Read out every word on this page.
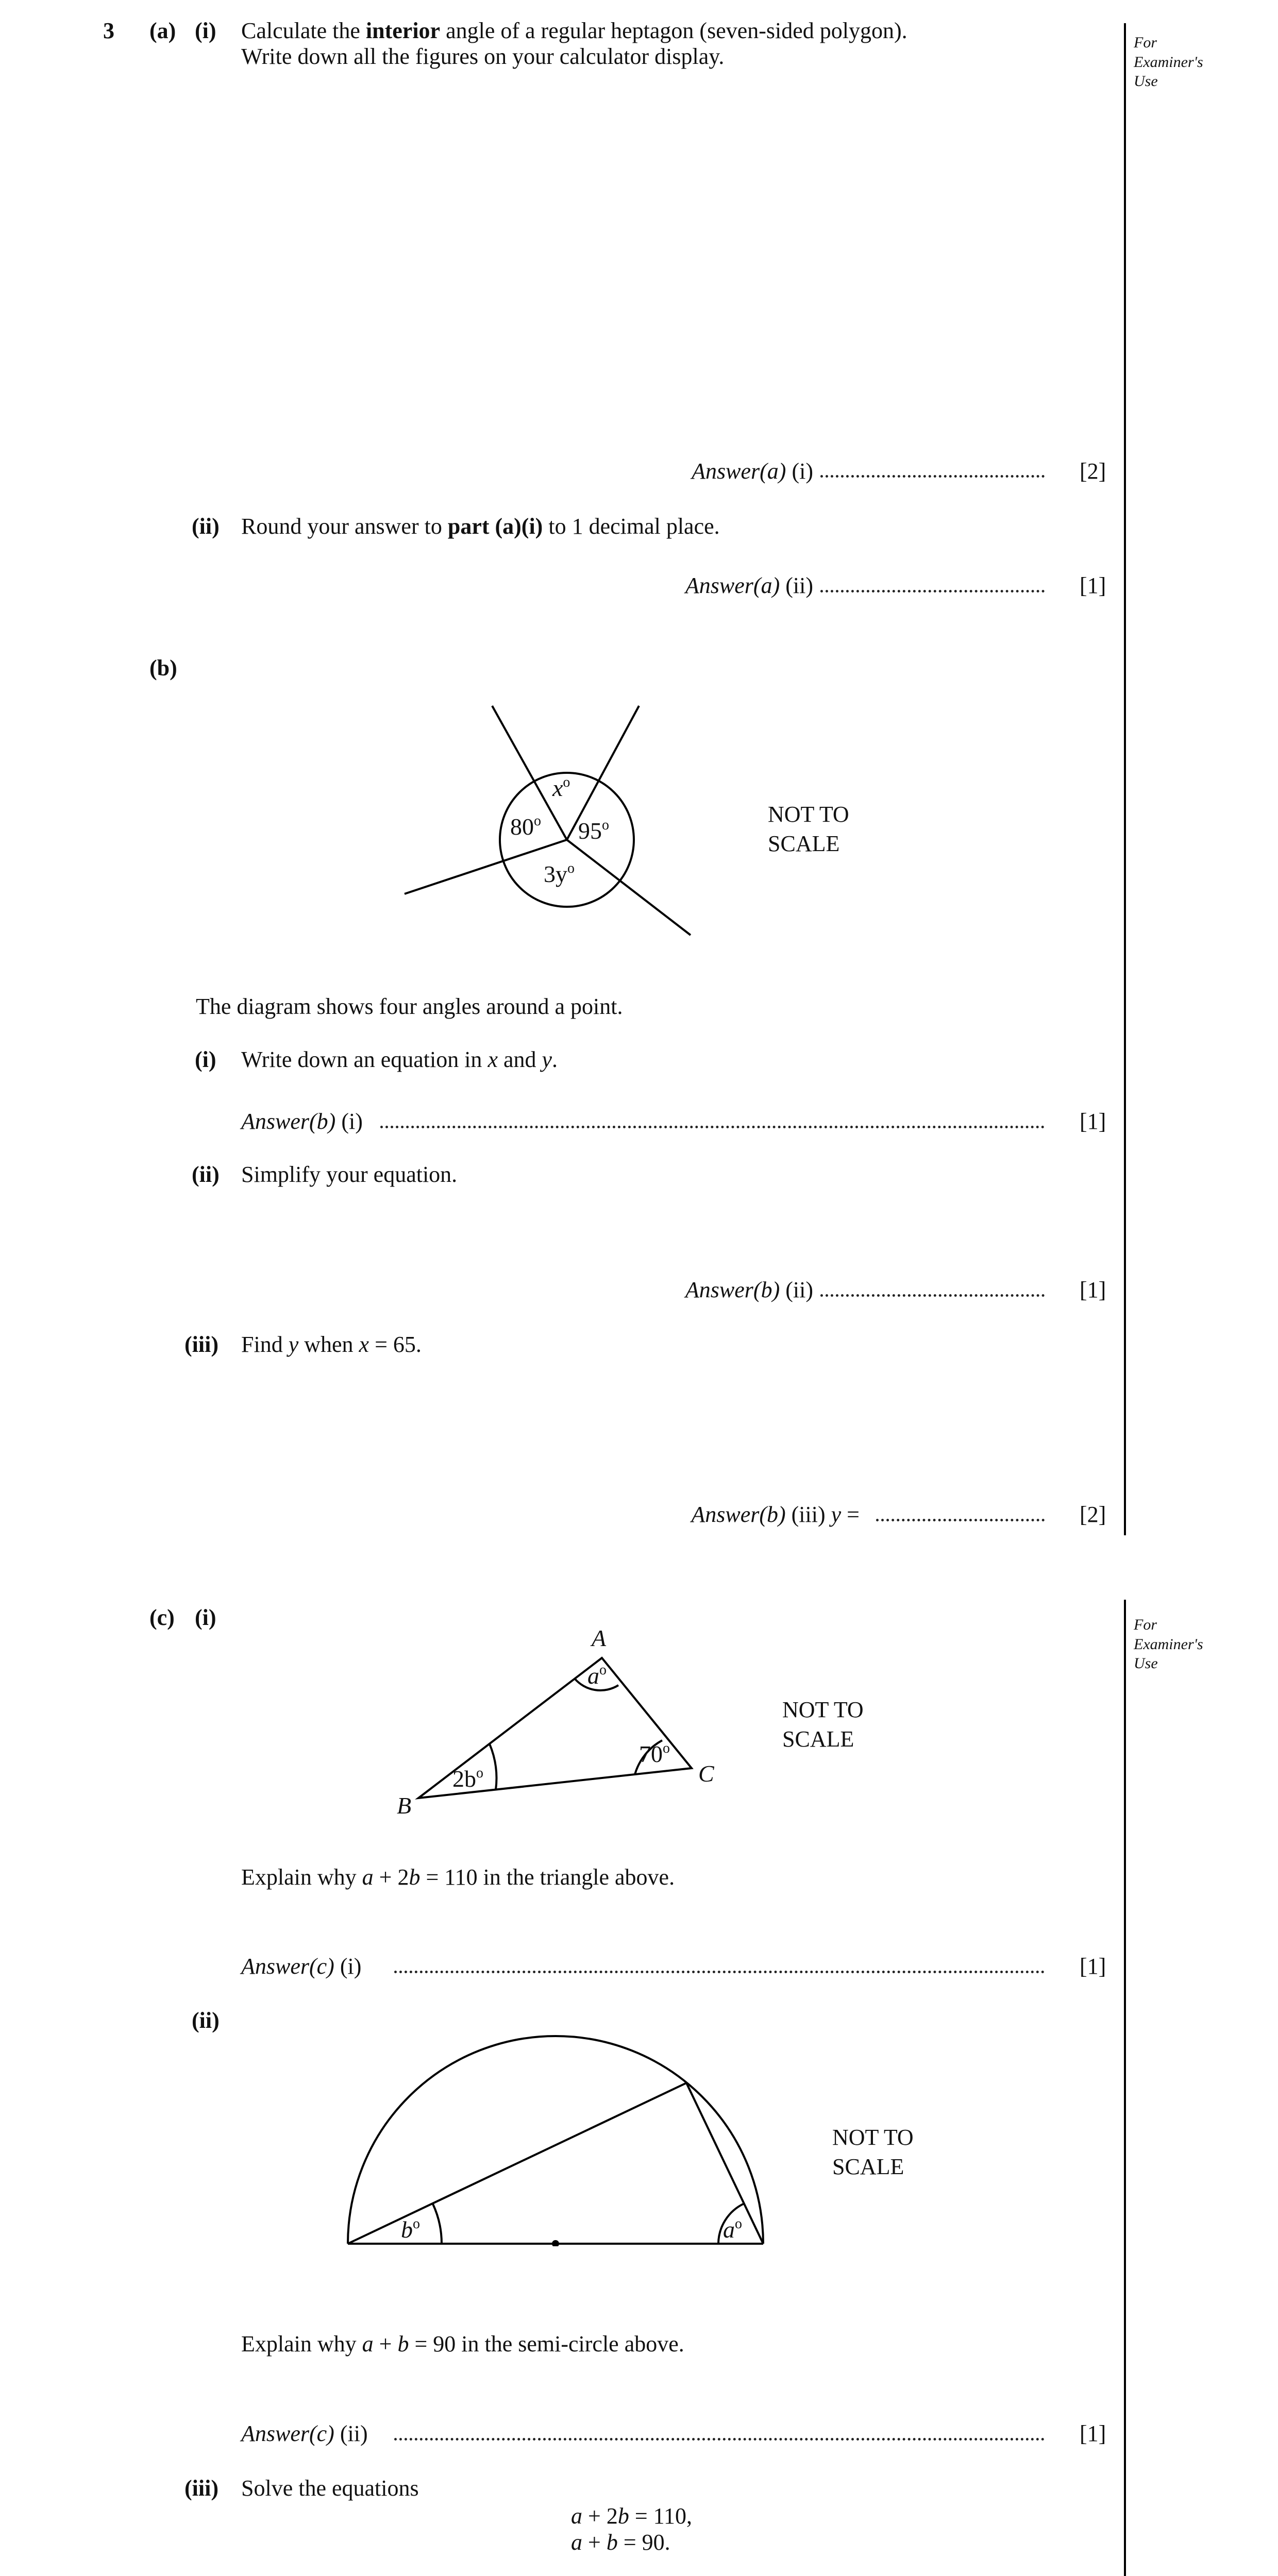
For
Examiner's
Use
For
Examiner's
Use
3 (a) (i) Calculate the interior angle of a regular heptagon (seven-sided polygon).
Write down all the figures on your calculator display.
Answer(a) (i)	[2]
(ii) Round your answer to part (a)(i) to 1 decimal place.
Answer(a) (ii)	[1]
(b)
$x^o$
80$^o$ 95$^o$
$3y^o$
NOT TO
SCALE
The diagram shows four angles around a point.
(i) Write down an equation in x and y.
Answer(b) (i)	[1]
(ii) Simplify your equation.
Answer(b) (ii)	[1]
(iii) Find y when x = 65.
Answer(b) (iii) y =	[2]
(c) (i)
A
B
C
$a^o$
$2b^o$
70$^o$
NOT TO
SCALE
Explain why a + 2b = 110 in the triangle above.
Answer(c) (i)	[1]
(ii)
$b^o$	$a^o$
NOT TO
SCALE
Explain why a + b = 90 in the semi-circle above.
Answer(c) (ii)	[1]
(iii) Solve the equations
a + 2b = 110,
a + b = 90.
